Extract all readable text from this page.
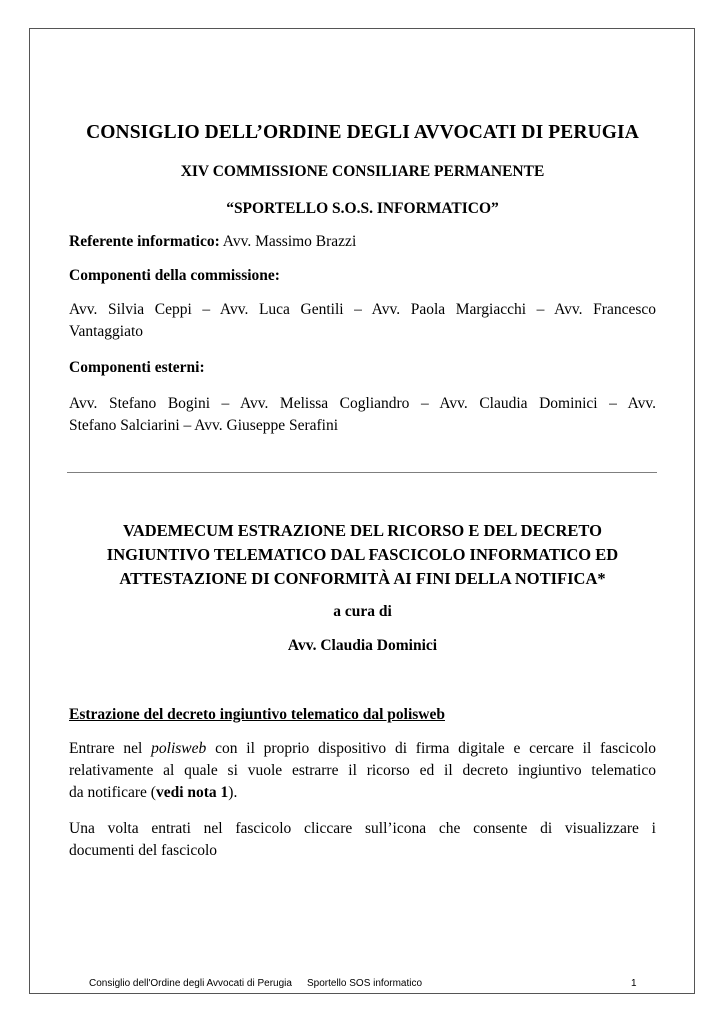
CONSIGLIO DELL’ORDINE DEGLI AVVOCATI DI PERUGIA
XIV COMMISSIONE CONSILIARE PERMANENTE
“SPORTELLO S.O.S. INFORMATICO”
Referente informatico: Avv. Massimo Brazzi
Componenti della commissione:
Avv. Silvia Ceppi – Avv. Luca Gentili – Avv. Paola Margiacchi – Avv. Francesco
Vantaggiato
Componenti esterni:
Avv. Stefano Bogini – Avv. Melissa Cogliandro – Avv. Claudia Dominici – Avv.
Stefano Salciarini – Avv. Giuseppe Serafini
VADEMECUM ESTRAZIONE DEL RICORSO E DEL DECRETO
INGIUNTIVO TELEMATICO DAL FASCICOLO INFORMATICO ED
ATTESTAZIONE DI CONFORMITÀ AI FINI DELLA NOTIFICA*
a cura di
Avv. Claudia Dominici
Estrazione del decreto ingiuntivo telematico dal polisweb
Entrare nel polisweb con il proprio dispositivo di firma digitale e cercare il fascicolo
relativamente al quale si vuole estrarre il ricorso ed il decreto ingiuntivo telematico
da notificare (vedi nota 1).
Una volta entrati nel fascicolo cliccare sull’icona che consente di visualizzare i
documenti del fascicolo
Consiglio dell'Ordine degli Avvocati di Perugia Sportello SOS informatico	1
